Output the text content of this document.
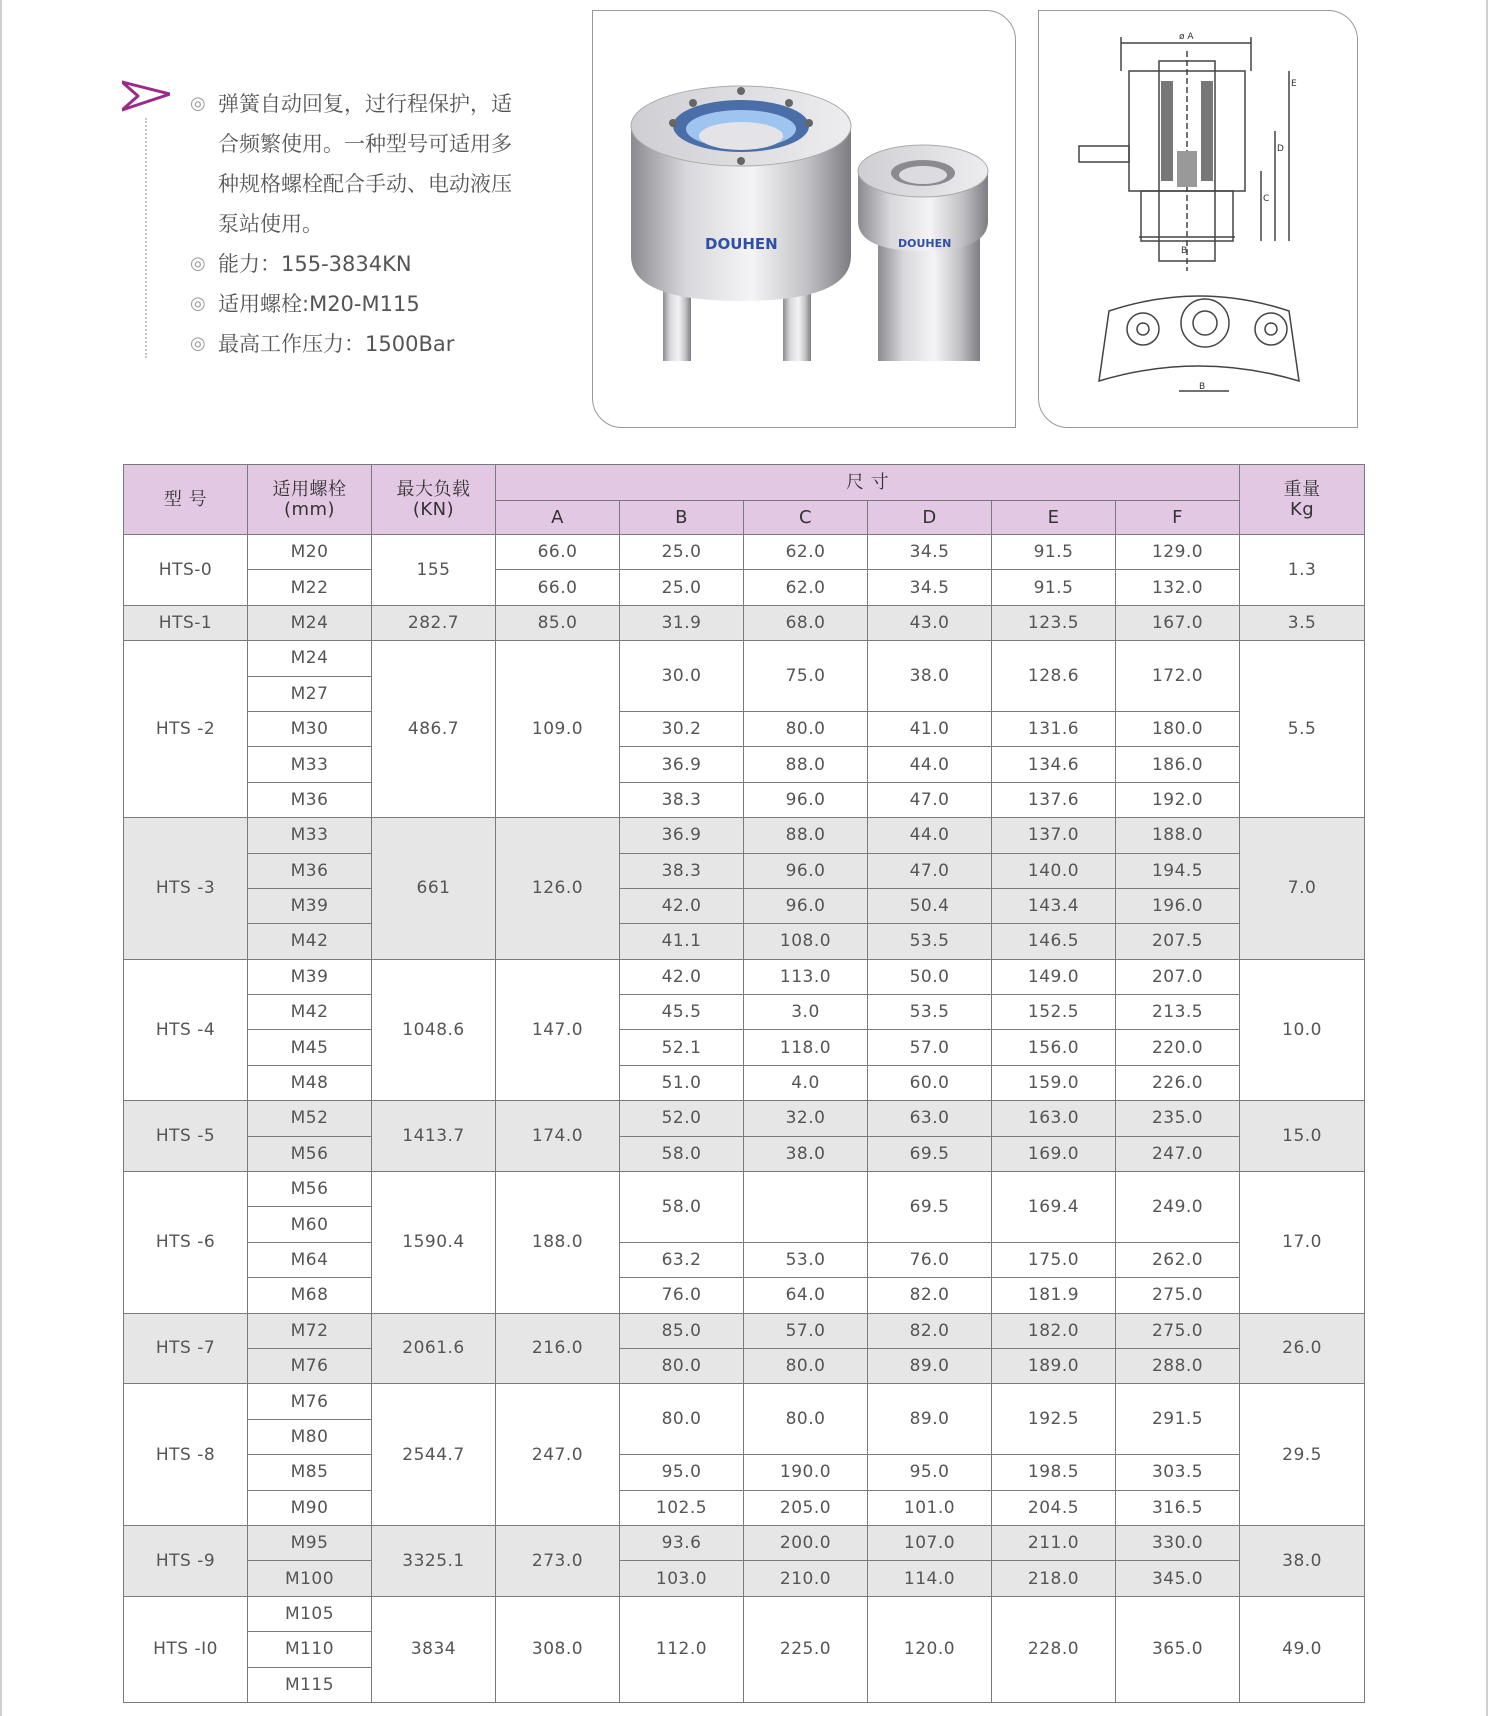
◎ 弹簧自动回复，过行程保护，适
合频繁使用。一种型号可适用多
种规格螺栓配合手动、电动液压
泵站使用。
◎ 能力：155-3834KN
◎ 适用螺栓:M20-M115
◎ 最高工作压力：1500Bar
DOUHEN	DOUHEN
ø A
E
D
C
B
B
型 号	适用螺栓
(mm)	最大负载
(KN)	尺 寸						重量
Kg
			A	B	C	D	E	F	
HTS-0	M20	155	66.0	25.0	62.0	34.5	91.5	129.0	1.3
	M22		66.0	25.0	62.0	34.5	91.5	132.0	
HTS-1	M24	282.7	85.0	31.9	68.0	43.0	123.5	167.0	3.5
HTS -2	M24	486.7	109.0	30.0	75.0	38.0	128.6	172.0	5.5
	M27								
	M30			30.2	80.0	41.0	131.6	180.0	
	M33			36.9	88.0	44.0	134.6	186.0	
	M36			38.3	96.0	47.0	137.6	192.0	
HTS -3	M33	661	126.0	36.9	88.0	44.0	137.0	188.0	7.0
	M36			38.3	96.0	47.0	140.0	194.5	
	M39			42.0	96.0	50.4	143.4	196.0	
	M42			41.1	108.0	53.5	146.5	207.5	
HTS -4	M39	1048.6	147.0	42.0	113.0	50.0	149.0	207.0	10.0
	M42			45.5	3.0	53.5	152.5	213.5	
	M45			52.1	118.0	57.0	156.0	220.0	
	M48			51.0	4.0	60.0	159.0	226.0	
HTS -5	M52	1413.7	174.0	52.0	32.0	63.0	163.0	235.0	15.0
	M56			58.0	38.0	69.5	169.0	247.0	
HTS -6	M56	1590.4	188.0	58.0		69.5	169.4	249.0	17.0
	M60								
	M64			63.2	53.0	76.0	175.0	262.0	
	M68			76.0	64.0	82.0	181.9	275.0	
HTS -7	M72	2061.6	216.0	85.0	57.0	82.0	182.0	275.0	26.0
	M76			80.0	80.0	89.0	189.0	288.0	
HTS -8	M76	2544.7	247.0	80.0	80.0	89.0	192.5	291.5	29.5
	M80								
	M85			95.0	190.0	95.0	198.5	303.5	
	M90			102.5	205.0	101.0	204.5	316.5	
HTS -9	M95	3325.1	273.0	93.6	200.0	107.0	211.0	330.0	38.0
	M100			103.0	210.0	114.0	218.0	345.0	
HTS -I0	M105	3834	308.0	112.0	225.0	120.0	228.0	365.0	49.0
	M110								
	M115								
